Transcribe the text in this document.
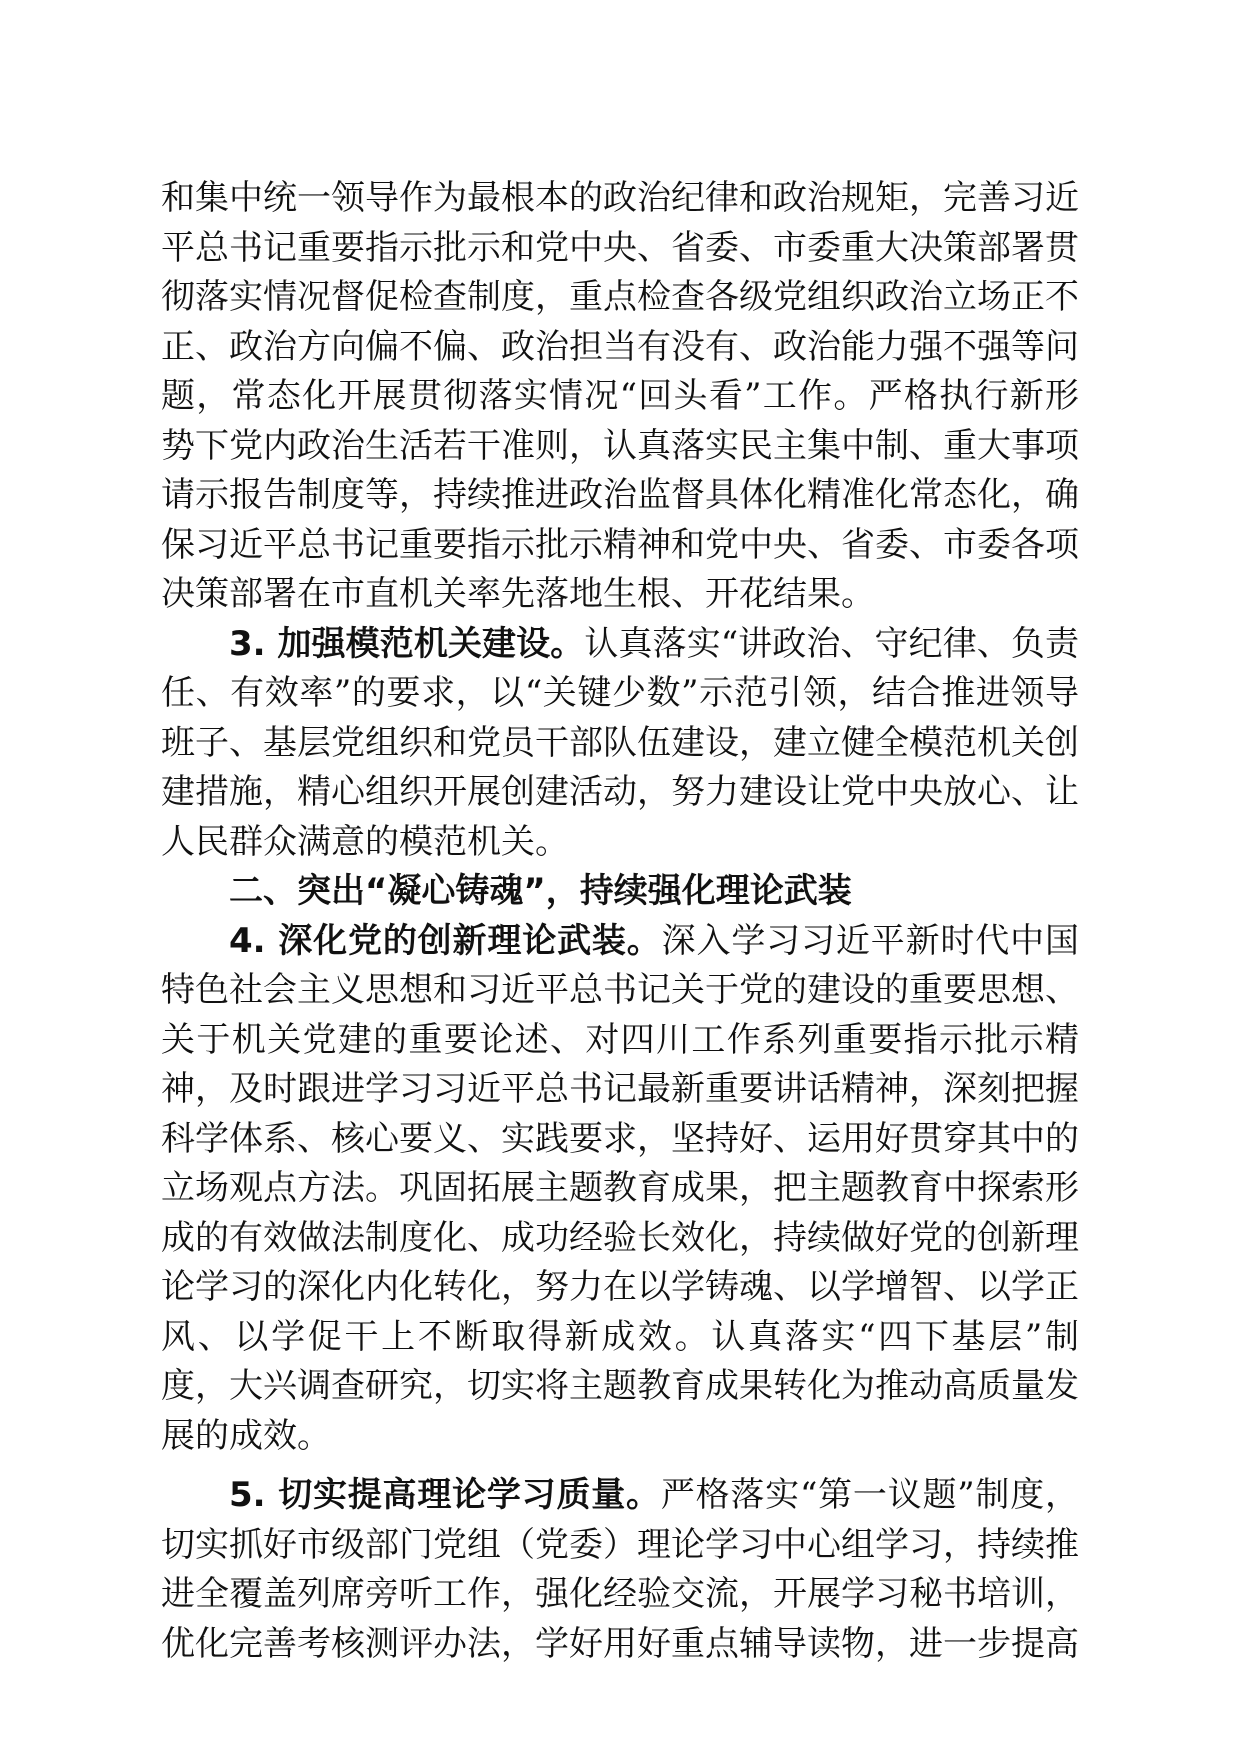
和集中统一领导作为最根本的政治纪律和政治规矩，完善习近平总书记重要指示批示和党中央、省委、市委重大决策部署贯彻落实情况督促检查制度，重点检查各级党组织政治立场正不正、政治方向偏不偏、政治担当有没有、政治能力强不强等问题，常态化开展贯彻落实情况“回头看”工作。严格执行新形势下党内政治生活若干准则，认真落实民主集中制、重大事项请示报告制度等，持续推进政治监督具体化精准化常态化，确保习近平总书记重要指示批示精神和党中央、省委、市委各项决策部署在市直机关率先落地生根、开花结果。

3. 加强模范机关建设。认真落实“讲政治、守纪律、负责任、有效率”的要求，以“关键少数”示范引领，结合推进领导班子、基层党组织和党员干部队伍建设，建立健全模范机关创建措施，精心组织开展创建活动，努力建设让党中央放心、让人民群众满意的模范机关。

二、突出“凝心铸魂”，持续强化理论武装

4. 深化党的创新理论武装。深入学习习近平新时代中国特色社会主义思想和习近平总书记关于党的建设的重要思想、关于机关党建的重要论述、对四川工作系列重要指示批示精神，及时跟进学习习近平总书记最新重要讲话精神，深刻把握科学体系、核心要义、实践要求，坚持好、运用好贯穿其中的立场观点方法。巩固拓展主题教育成果，把主题教育中探索形成的有效做法制度化、成功经验长效化，持续做好党的创新理论学习的深化内化转化，努力在以学铸魂、以学增智、以学正风、以学促干上不断取得新成效。认真落实“四下基层”制度，大兴调查研究，切实将主题教育成果转化为推动高质量发展的成效。

5. 切实提高理论学习质量。严格落实“第一议题”制度，切实抓好市级部门党组（党委）理论学习中心组学习，持续推进全覆盖列席旁听工作，强化经验交流，开展学习秘书培训，优化完善考核测评办法，学好用好重点辅导读物，进一步提高
